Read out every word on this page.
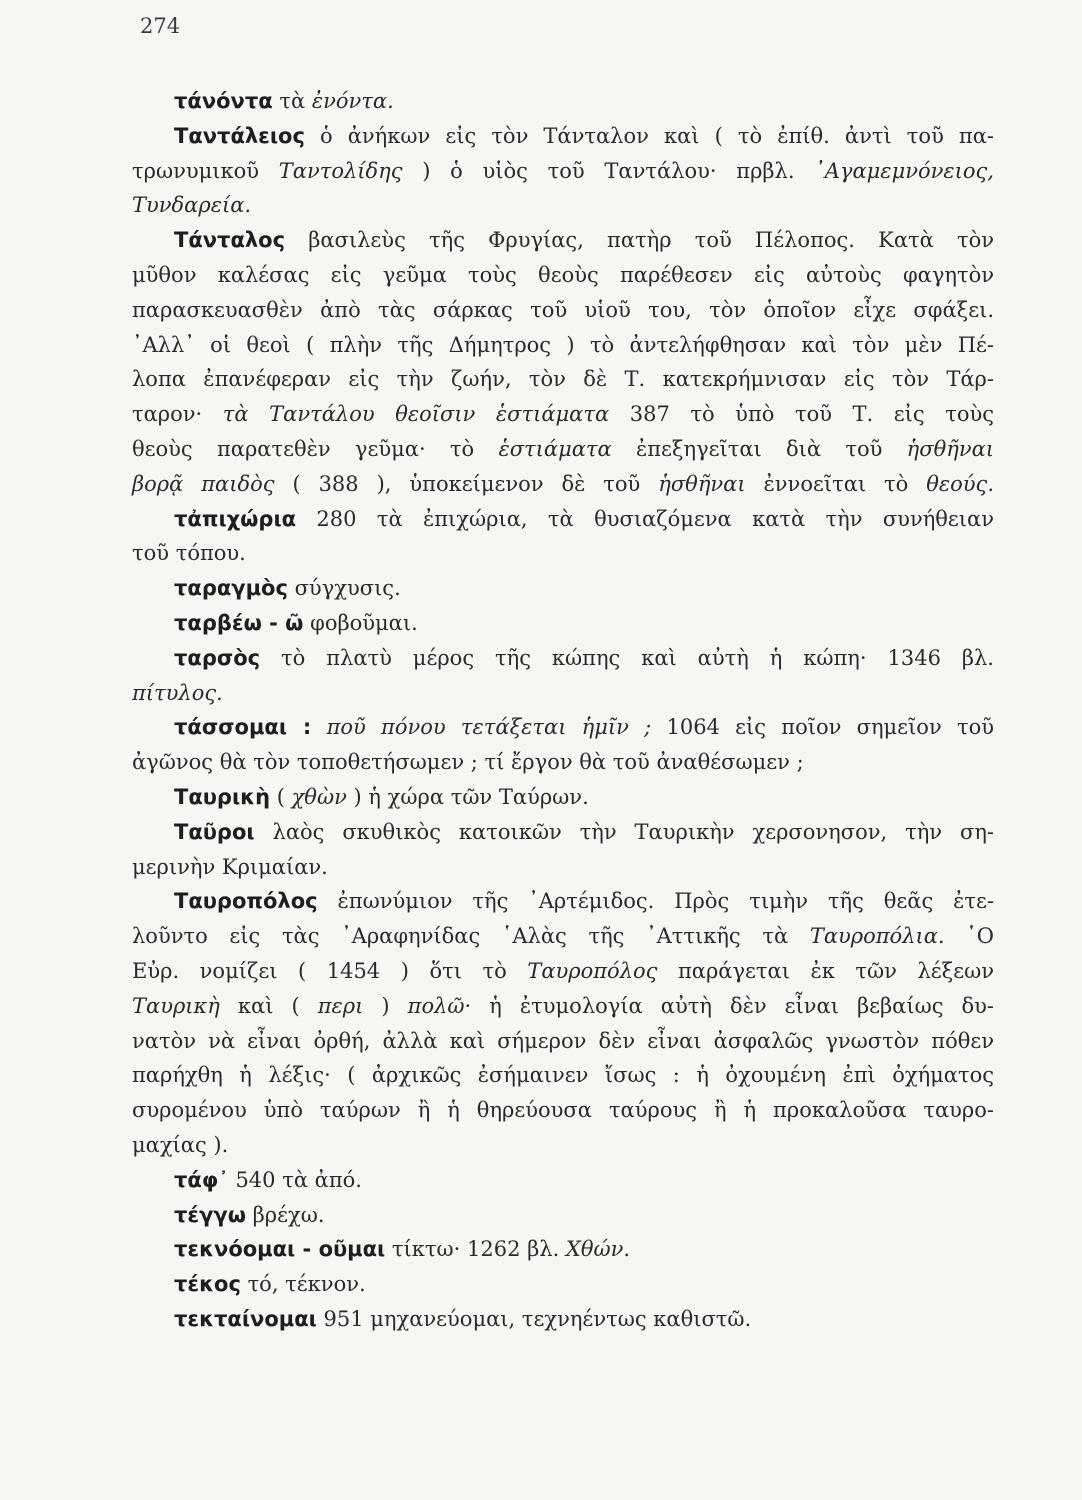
274
τάνόντα τὰ ἐνόντα.
Ταντάλειος ὁ ἀνήκων εἰς τὸν Τάνταλον καὶ ( τὸ ἐπίθ. ἀντὶ τοῦ πα-
τρωνυμικοῦ Ταντολίδης ) ὁ υἱὸς τοῦ Ταντάλου· πρβλ. ᾿Αγαμεμνόνειος,
Τυνδαρεία.
Τάνταλος βασιλεὺς τῆς Φρυγίας, πατὴρ τοῦ Πέλοπος. Κατὰ τὸν
μῦθον καλέσας εἰς γεῦμα τοὺς θεοὺς παρέθεσεν εἰς αὐτοὺς φαγητὸν
παρασκευασθὲν ἀπὸ τὰς σάρκας τοῦ υἱοῦ του, τὸν ὁποῖον εἶχε σφάξει.
᾿Αλλ᾿ οἱ θεοὶ ( πλὴν τῆς Δήμητρος ) τὸ ἀντελήφθησαν καὶ τὸν μὲν Πέ-
λοπα ἐπανέφεραν εἰς τὴν ζωήν, τὸν δὲ Τ. κατεκρήμνισαν εἰς τὸν Τάρ-
ταρον· τὰ Ταντάλου θεοῖσιν ἑστιάματα 387 τὸ ὑπὸ τοῦ Τ. εἰς τοὺς
θεοὺς παρατεθὲν γεῦμα· τὸ ἑστιάματα ἐπεξηγεῖται διὰ τοῦ ἡσθῆναι
βορᾷ παιδὸς ( 388 ), ὑποκείμενον δὲ τοῦ ἡσθῆναι ἐννοεῖται τὸ θεούς.
τἀπιχώρια 280 τὰ ἐπιχώρια, τὰ θυσιαζόμενα κατὰ τὴν συνήθειαν
τοῦ τόπου.
ταραγμὸς σύγχυσις.
ταρβέω - ῶ φοβοῦμαι.
ταρσὸς τὸ πλατὺ μέρος τῆς κώπης καὶ αὐτὴ ἡ κώπη· 1346 βλ.
πίτυλος.
τάσσομαι : ποῦ πόνου τετάξεται ἡμῖν ; 1064 εἰς ποῖον σημεῖον τοῦ
ἀγῶνος θὰ τὸν τοποθετήσωμεν ; τί ἔργον θὰ τοῦ ἀναθέσωμεν ;
Ταυρικὴ ( χθὼν ) ἡ χώρα τῶν Ταύρων.
Ταῦροι λαὸς σκυθικὸς κατοικῶν τὴν Ταυρικὴν χερσονησον, τὴν ση-
μερινὴν Κριμαίαν.
Ταυροπόλος ἐπωνύμιον τῆς ᾿Αρτέμιδος. Πρὸς τιμὴν τῆς θεᾶς ἐτε-
λοῦντο εἰς τὰς ᾿Αραφηνίδας ῾Αλὰς τῆς ᾿Αττικῆς τὰ Ταυροπόλια. ῾Ο
Εὐρ. νομίζει ( 1454 ) ὅτι τὸ Ταυροπόλος παράγεται ἐκ τῶν λέξεων
Ταυρικὴ καὶ ( περι ) πολῶ· ἡ ἐτυμολογία αὐτὴ δὲν εἶναι βεβαίως δυ-
νατὸν νὰ εἶναι ὀρθή, ἀλλὰ καὶ σήμερον δὲν εἶναι ἀσφαλῶς γνωστὸν πόθεν
παρήχθη ἡ λέξις· ( ἀρχικῶς ἐσήμαινεν ἴσως : ἡ ὀχουμένη ἐπὶ ὀχήματος
συρομένου ὑπὸ ταύρων ἢ ἡ θηρεύουσα ταύρους ἢ ἡ προκαλοῦσα ταυρο-
μαχίας ).
τάφ᾿ 540 τὰ ἀπό.
τέγγω βρέχω.
τεκνόομαι - οῦμαι τίκτω· 1262 βλ. Χθών.
τέκος τό, τέκνον.
τεκταίνομαι 951 μηχανεύομαι, τεχνηέντως καθιστῶ.
